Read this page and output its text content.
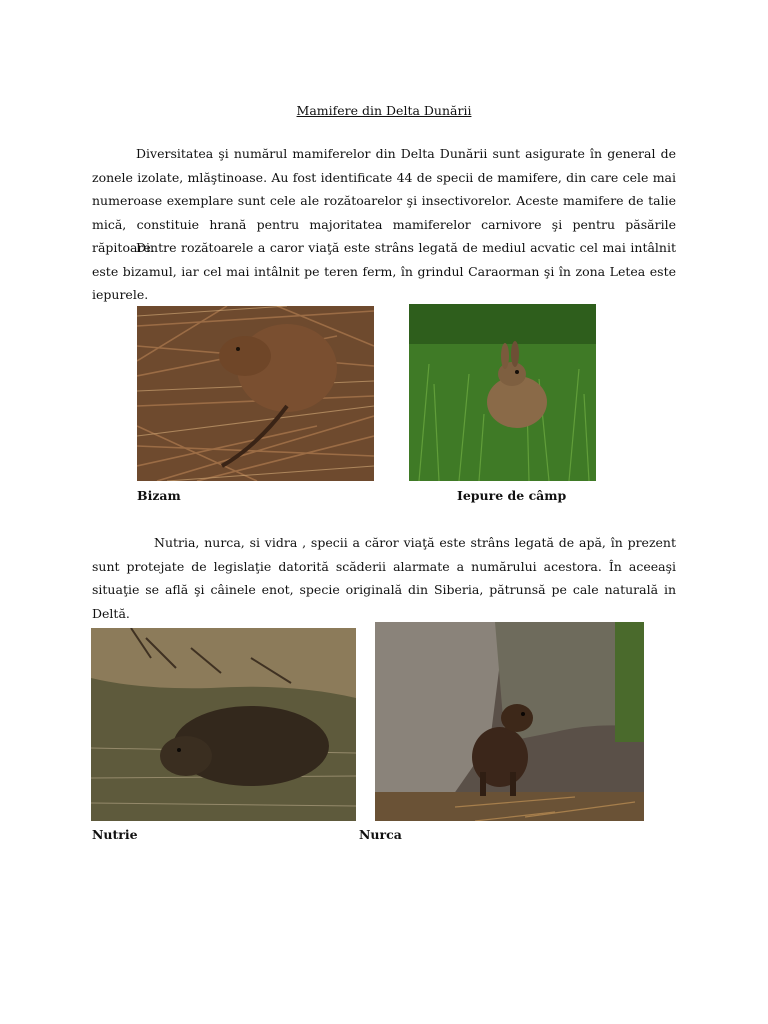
Mamifere din Delta Dunării

Diversitatea şi numărul mamiferelor din Delta Dunării sunt asigurate în general de zonele izolate, mlăştinoase. Au fost identificate 44 de specii de mamifere, din care cele mai numeroase exemplare sunt cele ale rozătoarelor şi insectivorelor. Aceste mamifere de talie mică, constituie hrană pentru majoritatea mamiferelor carnivore şi pentru păsările răpitoare.

Dintre rozătoarele a caror viaţă este strâns legată de mediul acvatic cel mai intâlnit este bizamul, iar cel mai intâlnit pe teren ferm, în grindul Caraorman şi în zona Letea este iepurele.

Bizam	Iepure de câmp

Nutria, nurca, si vidra , specii a căror viaţă este strâns legată de apă, în prezent sunt protejate de legislaţie datorită scăderii alarmate a numărului acestora. În aceeaşi situaţie se află şi câinele enot, specie originală din Siberia, pătrunsă pe cale naturală in Deltă.

Nutrie	Nurca
